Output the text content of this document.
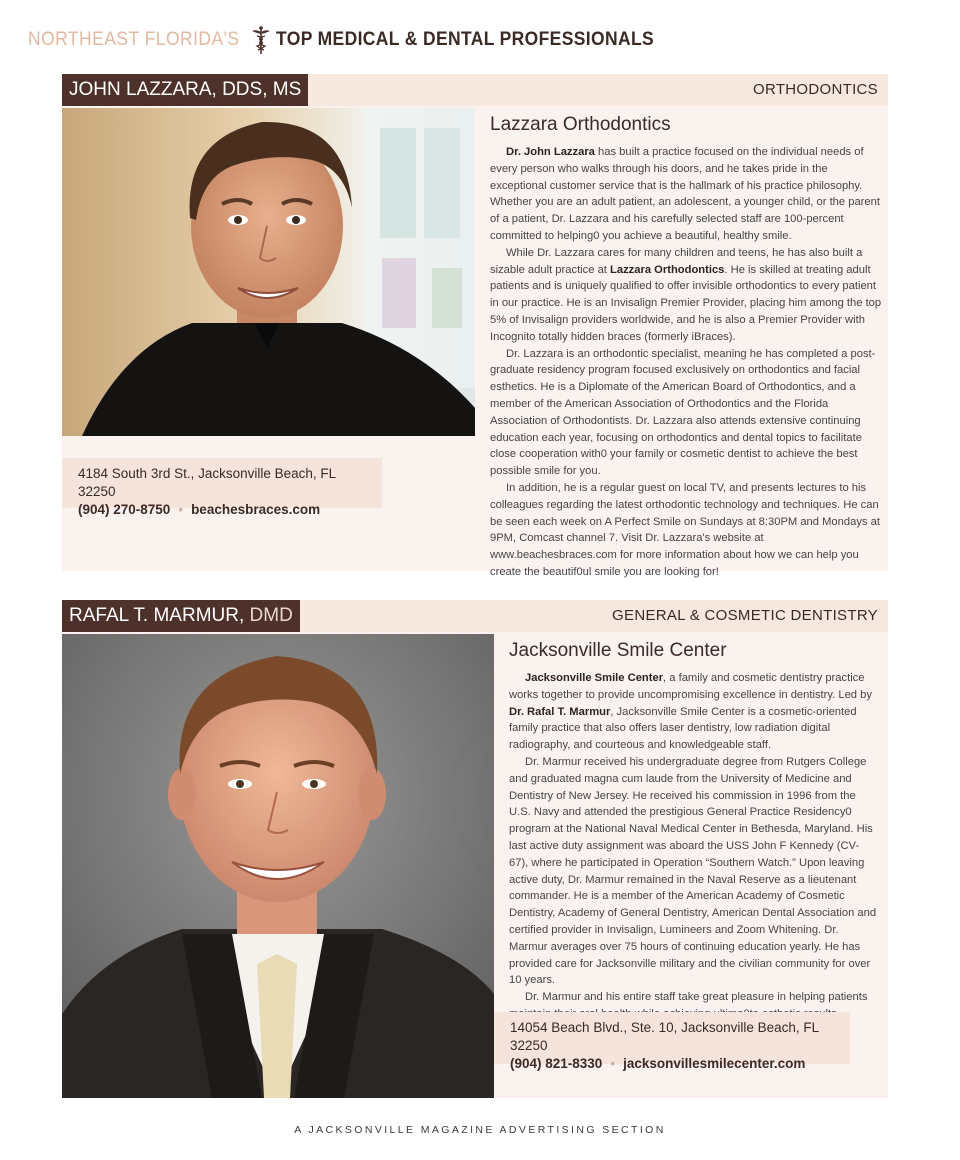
NORTHEAST FLORIDA'S TOP MEDICAL & DENTAL PROFESSIONALS
JOHN LAZZARA, DDS, MS	ORTHODONTICS
4184 South 3rd St., Jacksonville Beach, FL 32250
(904) 270-8750 • beachesbraces.com
Lazzara Orthodontics

Dr. John Lazzara has built a practice focused on the individual needs of every person who walks through his doors, and he takes pride in the exceptional customer service that is the hallmark of his practice philosophy. Whether you are an adult patient, an adolescent, a younger child, or the parent of a patient, Dr. Lazzara and his carefully selected staff are 100-percent committed to helping0 you achieve a beautiful, healthy smile.

While Dr. Lazzara cares for many children and teens, he has also built a sizable adult practice at Lazzara Orthodontics. He is skilled at treating adult patients and is uniquely qualified to offer invisible orthodontics to every patient in our practice. He is an Invisalign Premier Provider, placing him among the top 5% of Invisalign providers worldwide, and he is also a Premier Provider with Incognito totally hidden braces (formerly iBraces).

Dr. Lazzara is an orthodontic specialist, meaning he has completed a post-graduate residency program focused exclusively on orthodontics and facial esthetics. He is a Diplomate of the American Board of Orthodontics, and a member of the American Association of Orthodontics and the Florida Association of Orthodontists. Dr. Lazzara also attends extensive continuing education each year, focusing on orthodontics and dental topics to facilitate close cooperation with0 your family or cosmetic dentist to achieve the best possible smile for you.

In addition, he is a regular guest on local TV, and presents lectures to his colleagues regarding the latest orthodontic technology and techniques. He can be seen each week on A Perfect Smile on Sundays at 8:30PM and Mondays at 9PM, Comcast channel 7. Visit Dr. Lazzara's website at www.beachesbraces.com for more information about how we can help you create the beautif0ul smile you are looking for!

RAFAL T. MARMUR, DMD	GENERAL & COSMETIC DENTISTRY
Jacksonville Smile Center

Jacksonville Smile Center, a family and cosmetic dentistry practice works together to provide uncompromising excellence in dentistry. Led by Dr. Rafal T. Marmur, Jacksonville Smile Center is a cosmetic-oriented family practice that also offers laser dentistry, low radiation digital radiography, and courteous and knowledgeable staff.

Dr. Marmur received his undergraduate degree from Rutgers College and graduated magna cum laude from the University of Medicine and Dentistry of New Jersey. He received his commission in 1996 from the U.S. Navy and attended the prestigious General Practice Residency0 program at the National Naval Medical Center in Bethesda, Maryland. His last active duty assignment was aboard the USS John F Kennedy (CV-67), where he participated in Operation “Southern Watch.” Upon leaving active duty, Dr. Marmur remained in the Naval Reserve as a lieutenant commander. He is a member of the American Academy of Cosmetic Dentistry, Academy of General Dentistry, American Dental Association and certified provider in Invisalign, Lumineers and Zoom Whitening. Dr. Marmur averages over 75 hours of continuing education yearly. He has provided care for Jacksonville military and the civilian community for over 10 years.

Dr. Marmur and his entire staff take great pleasure in helping patients

14054 Beach Blvd., Ste. 10, Jacksonville Beach, FL 32250
(904) 821-8330 • jacksonvillesmilecenter.com
A JACKSONVILLE MAGAZINE ADVERTISING SECTION
